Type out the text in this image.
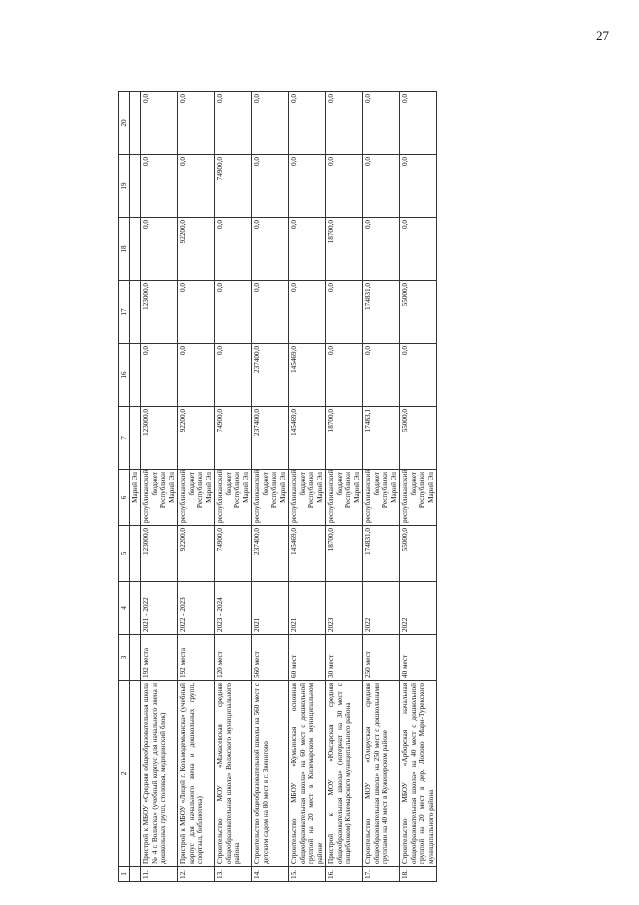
27
1	2	3	4	5	6	7	16	17	18	19	20
					Марий Эл						
11.	Пристрой к МБОУ «Средняя общеобразовательная школа № 4 г. Волжска» (учебный корпус для начального звена и дошкольных групп, столовая, медицинский блок)	192 места	2021 - 2022	123000,0	республиканский бюджет Республики Марий Эл	123000,0	0,0	123000,0	0,0	0,0	0,0
12.	Пристрой к МБОУ «Лицей г. Козьмодемьянска» (учебный корпус для начального звена и дошкольных групп, спортзал, библиотека)	192 места	2022 - 2023	92200,0	республиканский бюджет Республики Марий Эл	92200,0	0,0	0,0	92200,0	0,0	0,0
13.	Строительство МОУ «Мамасевская средняя общеобразовательная школа» Волжского муниципального района	120 мест	2023 - 2024	74900,0	республиканский бюджет Республики Марий Эл	74900,0	0,0	0,0	0,0	74900,0	0,0
14.	Строительство общеобразовательной школы на 560 мест с детским садом на 80 мест в г. Звенигово	560 мест	2021	237400,0	республиканский бюджет Республики Марий Эл	237400,0	237400,0	0,0	0,0	0,0	0,0
15.	Строительство МБОУ «Кумьинская основная общеобразовательная школа» на 60 мест с дошкольной группой на 20 мест в Килемарском муниципальном районе	60 мест	2021	145469,0	республиканский бюджет Республики Марий Эл	145469,0	145469,0	0,0	0,0	0,0	0,0
16.	Пристрой к МОУ «Юксарская средняя общеобразовательная школа» (интернат на 30 мест с пищеблоком) Килемарского муниципального района	30 мест	2023	18700,0	республиканский бюджет Республики Марий Эл	18700,0	0,0	0,0	18700,0	0,0	0,0
17.	Строительство МОУ «Олоруская средняя общеобразовательная школа» на 250 мест с дошкольными группами на 40 мест в Куженерском районе	250 мест	2022	174831,0	республиканский бюджет Республики Марий Эл	17483,1	0,0	174831,0	0,0	0,0	0,0
18.	Строительство МБОУ «Арборская начальная общеобразовательная школа» на 40 мест с дошкольной группой на 20 мест в дер. Лопово Мари-Турекского муниципального района	40 мест	2022	55000,0	республиканский бюджет Республики Марий Эл	55000,0	0,0	55000,0	0,0	0,0	0,0
